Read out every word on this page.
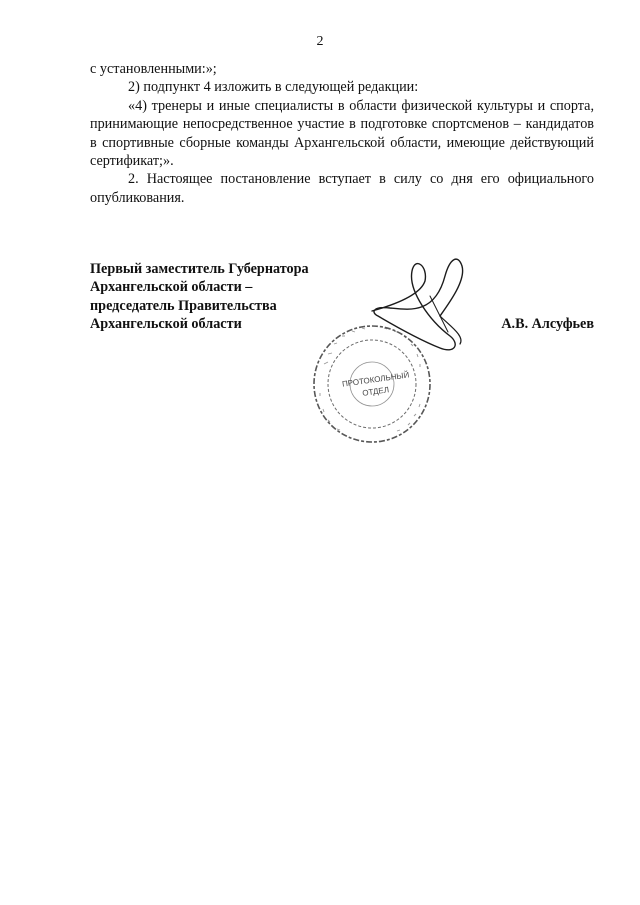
2

с установленными:»;

2) подпункт 4 изложить в следующей редакции:

«4) тренеры и иные специалисты в области физической культуры и спорта, принимающие непосредственное участие в подготовке спортсменов – кандидатов в спортивные сборные команды Архангельской области, имеющие действующий сертификат;».

2. Настоящее постановление вступает в силу со дня его официального опубликования.

Первый заместитель Губернатора
Архангельской области –
председатель Правительства
Архангельской области	А.В. Алсуфьев
ПРОТОКОЛЬНЫЙ
ОТДЕЛ
